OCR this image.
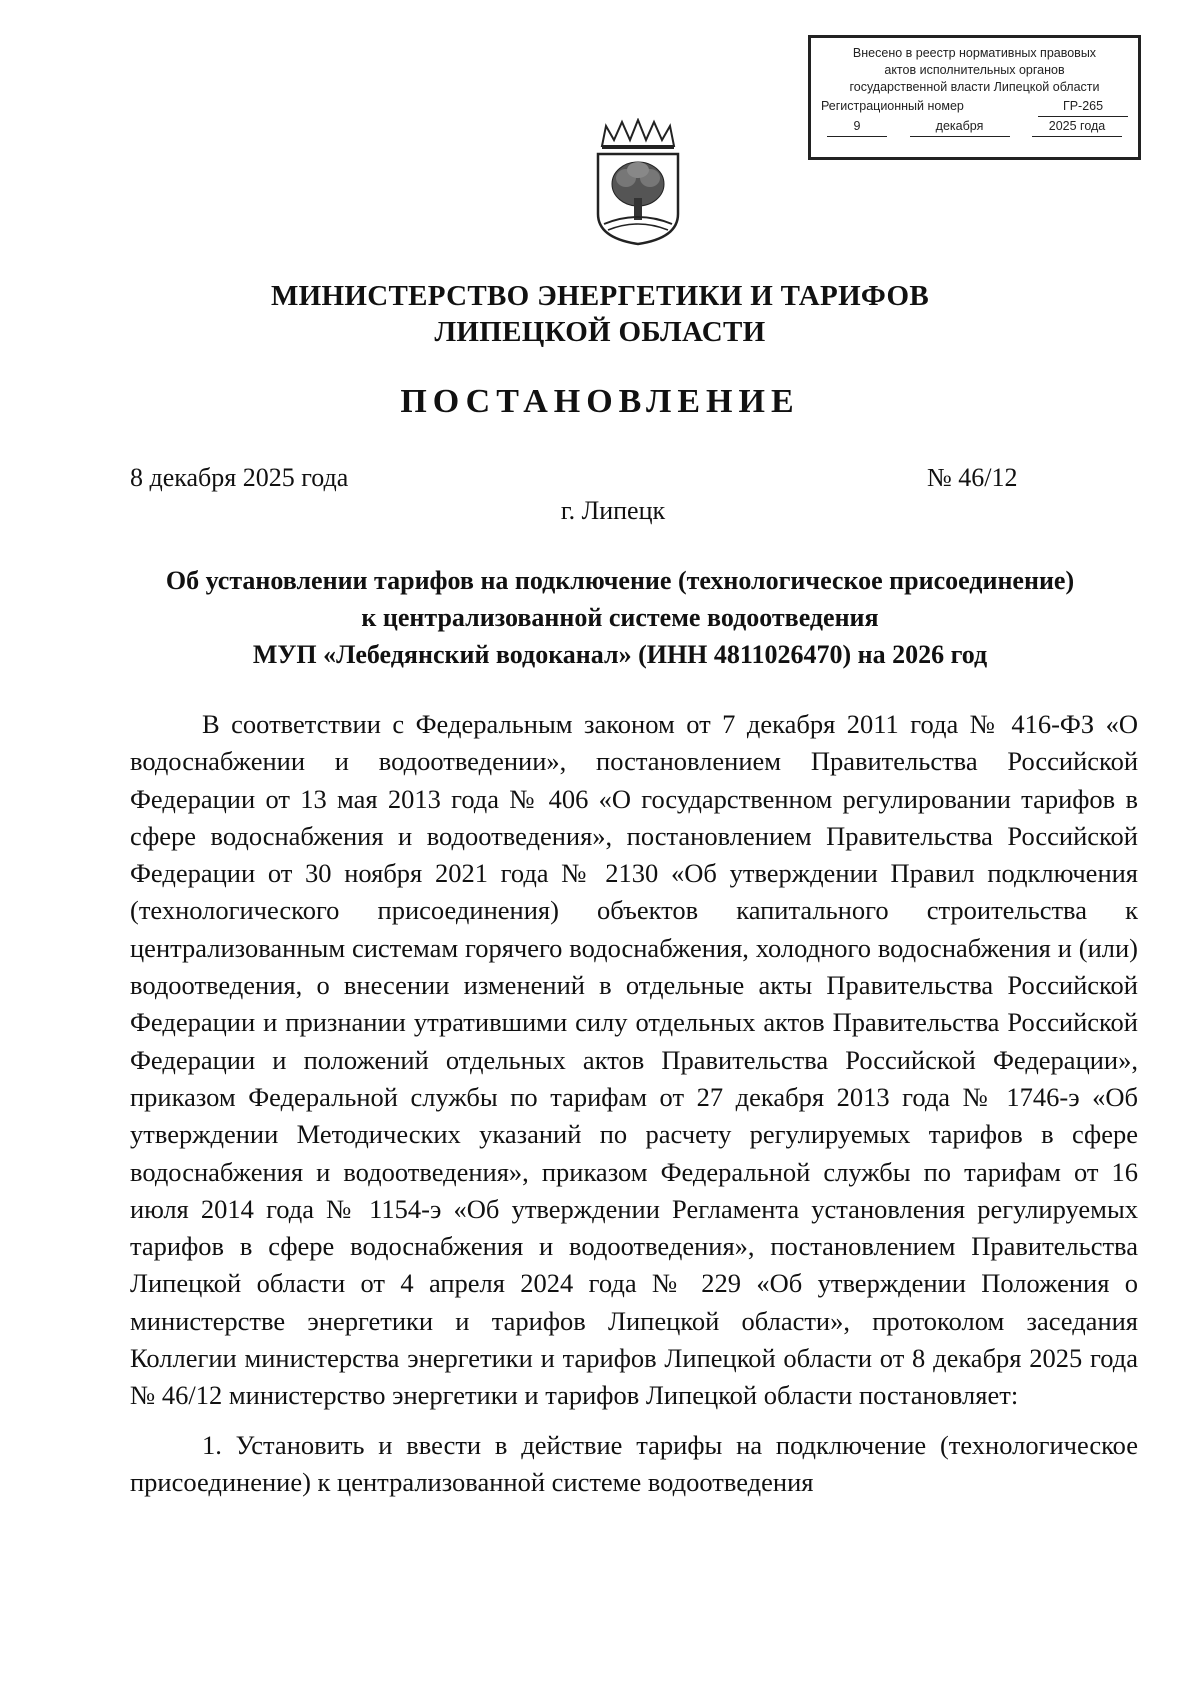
Внесено в реестр нормативных правовых
актов исполнительных органов
государственной власти Липецкой области
Регистрационный номер	ГР-265
9	декабря	2025 года
МИНИСТЕРСТВО ЭНЕРГЕТИКИ И ТАРИФОВ
ЛИПЕЦКОЙ ОБЛАСТИ
ПОСТАНОВЛЕНИЕ
8 декабря 2025 года	№ 46/12
г. Липецк
Об установлении тарифов на подключение (технологическое присоединение)
к централизованной системе водоотведения
МУП «Лебедянский водоканал» (ИНН 4811026470) на 2026 год

В соответствии с Федеральным законом от 7 декабря 2011 года № 416-ФЗ «О водоснабжении и водоотведении», постановлением Правительства Российской Федерации от 13 мая 2013 года № 406 «О государственном регулировании тарифов в сфере водоснабжения и водоотведения», постановлением Правительства Российской Федерации от 30 ноября 2021 года № 2130 «Об утверждении Правил подключения (технологического присоединения) объектов капитального строительства к централизованным системам горячего водоснабжения, холодного водоснабжения и (или) водоотведения, о внесении изменений в отдельные акты Правительства Российской Федерации и признании утратившими силу отдельных актов Правительства Российской Федерации и положений отдельных актов Правительства Российской Федерации», приказом Федеральной службы по тарифам от 27 декабря 2013 года № 1746-э «Об утверждении Методических указаний по расчету регулируемых тарифов в сфере водоснабжения и водоотведения», приказом Федеральной службы по тарифам от 16 июля 2014 года № 1154-э «Об утверждении Регламента установления регулируемых тарифов в сфере водоснабжения и водоотведения», постановлением Правительства Липецкой области от 4 апреля 2024 года № 229 «Об утверждении Положения о министерстве энергетики и тарифов Липецкой области», протоколом заседания Коллегии министерства энергетики и тарифов Липецкой области от 8 декабря 2025 года № 46/12 министерство энергетики и тарифов Липецкой области постановляет:

1. Установить и ввести в действие тарифы на подключение (технологическое присоединение) к централизованной системе водоотведения
